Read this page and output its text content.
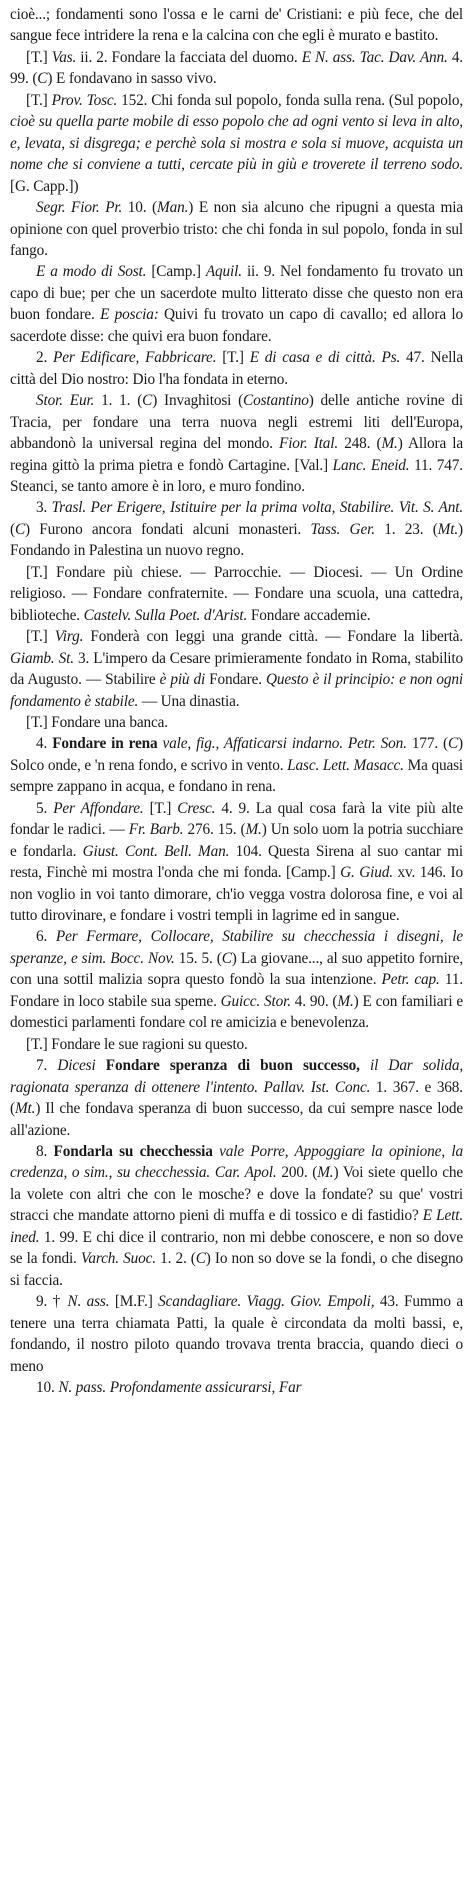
cioè...; fondamenti sono l'ossa e le carni de' Cristiani: e più fece, che del sangue fece intridere la rena e la calcina con che egli è murato e bastito.

[T.] Vas. ii. 2. Fondare la facciata del duomo. E N. ass. Tac. Dav. Ann. 4. 99. (C) E fondavano in sasso vivo.

[T.] Prov. Tosc. 152. Chi fonda sul popolo, fonda sulla rena. (Sul popolo, cioè su quella parte mobile di esso popolo che ad ogni vento si leva in alto, e, levata, si disgrega; e perchè sola si mostra e sola si muove, acquista un nome che si conviene a tutti, cercate più in giù e troverete il terreno sodo. [G. Capp.])

Segr. Fior. Pr. 10. (Man.) E non sia alcuno che ripugni a questa mia opinione con quel proverbio tristo: che chi fonda in sul popolo, fonda in sul fango.

E a modo di Sost. [Camp.] Aquil. ii. 9. Nel fondamento fu trovato un capo di bue; per che un sacerdote multo litterato disse che questo non era buon fondare. E poscia: Quivi fu trovato un capo di cavallo; ed allora lo sacerdote disse: che quivi era buon fondare.

2. Per Edificare, Fabbricare. [T.] E di casa e di città. Ps. 47. Nella città del Dio nostro: Dio l'ha fondata in eterno.

Stor. Eur. 1. 1. (C) Invaghitosi (Costantino) delle antiche rovine di Tracia, per fondare una terra nuova negli estremi liti dell'Europa, abbandonò la universal regina del mondo. Fior. Ital. 248. (M.) Allora la regina gittò la prima pietra e fondò Cartagine. [Val.] Lanc. Eneid. 11. 747. Steanci, se tanto amore è in loro, e muro fondino.

3. Trasl. Per Erigere, Istituire per la prima volta, Stabilire. Vit. S. Ant. (C) Furono ancora fondati alcuni monasteri. Tass. Ger. 1. 23. (Mt.) Fondando in Palestina un nuovo regno.

[T.] Fondare più chiese. — Parrocchie. — Diocesi. — Un Ordine religioso. — Fondare confraternite. — Fondare una scuola, una cattedra, biblioteche. Castelv. Sulla Poet. d'Arist. Fondare accademie.

[T.] Virg. Fonderà con leggi una grande città. — Fondare la libertà. Giamb. St. 3. L'impero da Cesare primieramente fondato in Roma, stabilito da Augusto. — Stabilire è più di Fondare. Questo è il principio: e non ogni fondamento è stabile. — Una dinastia.

[T.] Fondare una banca.

4. Fondare in rena vale, fig., Affaticarsi indarno. Petr. Son. 177. (C) Solco onde, e 'n rena fondo, e scrivo in vento. Lasc. Lett. Masacc. Ma quasi sempre zappano in acqua, e fondano in rena.

5. Per Affondare. [T.] Cresc. 4. 9. La qual cosa farà la vite più alte fondar le radici. — Fr. Barb. 276. 15. (M.) Un solo uom la potria succhiare e fondarla. Giust. Cont. Bell. Man. 104. Questa Sirena al suo cantar mi resta, Finchè mi mostra l'onda che mi fonda. [Camp.] G. Giud. xv. 146. Io non voglio in voi tanto dimorare, ch'io vegga vostra dolorosa fine, e voi al tutto dirovinare, e fondare i vostri templi in lagrime ed in sangue.

6. Per Fermare, Collocare, Stabilire su checchessia i disegni, le speranze, e sim. Bocc. Nov. 15. 5. (C) La giovane..., al suo appetito fornire, con una sottil malizia sopra questo fondò la sua intenzione. Petr. cap. 11. Fondare in loco stabile sua speme. Guicc. Stor. 4. 90. (M.) E con familiari e domestici parlamenti fondare col re amicizia e benevolenza.

[T.] Fondare le sue ragioni su questo.

7. Dicesi Fondare speranza di buon successo, il Dar solida, ragionata speranza di ottenere l'intento. Pallav. Ist. Conc. 1. 367. e 368. (Mt.) Il che fondava speranza di buon successo, da cui sempre nasce lode all'azione.

8. Fondarla su checchessia vale Porre, Appoggiare la opinione, la credenza, o sim., su checchessia. Car. Apol. 200. (M.) Voi siete quello che la volete con altri che con le mosche? e dove la fondate? su que' vostri stracci che mandate attorno pieni di muffa e di tossico e di fastidio? E Lett. ined. 1. 99. E chi dice il contrario, non mi debbe conoscere, e non so dove se la fondi. Varch. Suoc. 1. 2. (C) Io non so dove se la fondi, o che disegno si faccia.

9. † N. ass. [M.F.] Scandagliare. Viagg. Giov. Empoli, 43. Fummo a tenere una terra chiamata Patti, la quale è circondata da molti bassi, e, fondando, il nostro piloto quando trovava trenta braccia, quando dieci o meno

10. N. pass. Profondamente assicurarsi, Far
